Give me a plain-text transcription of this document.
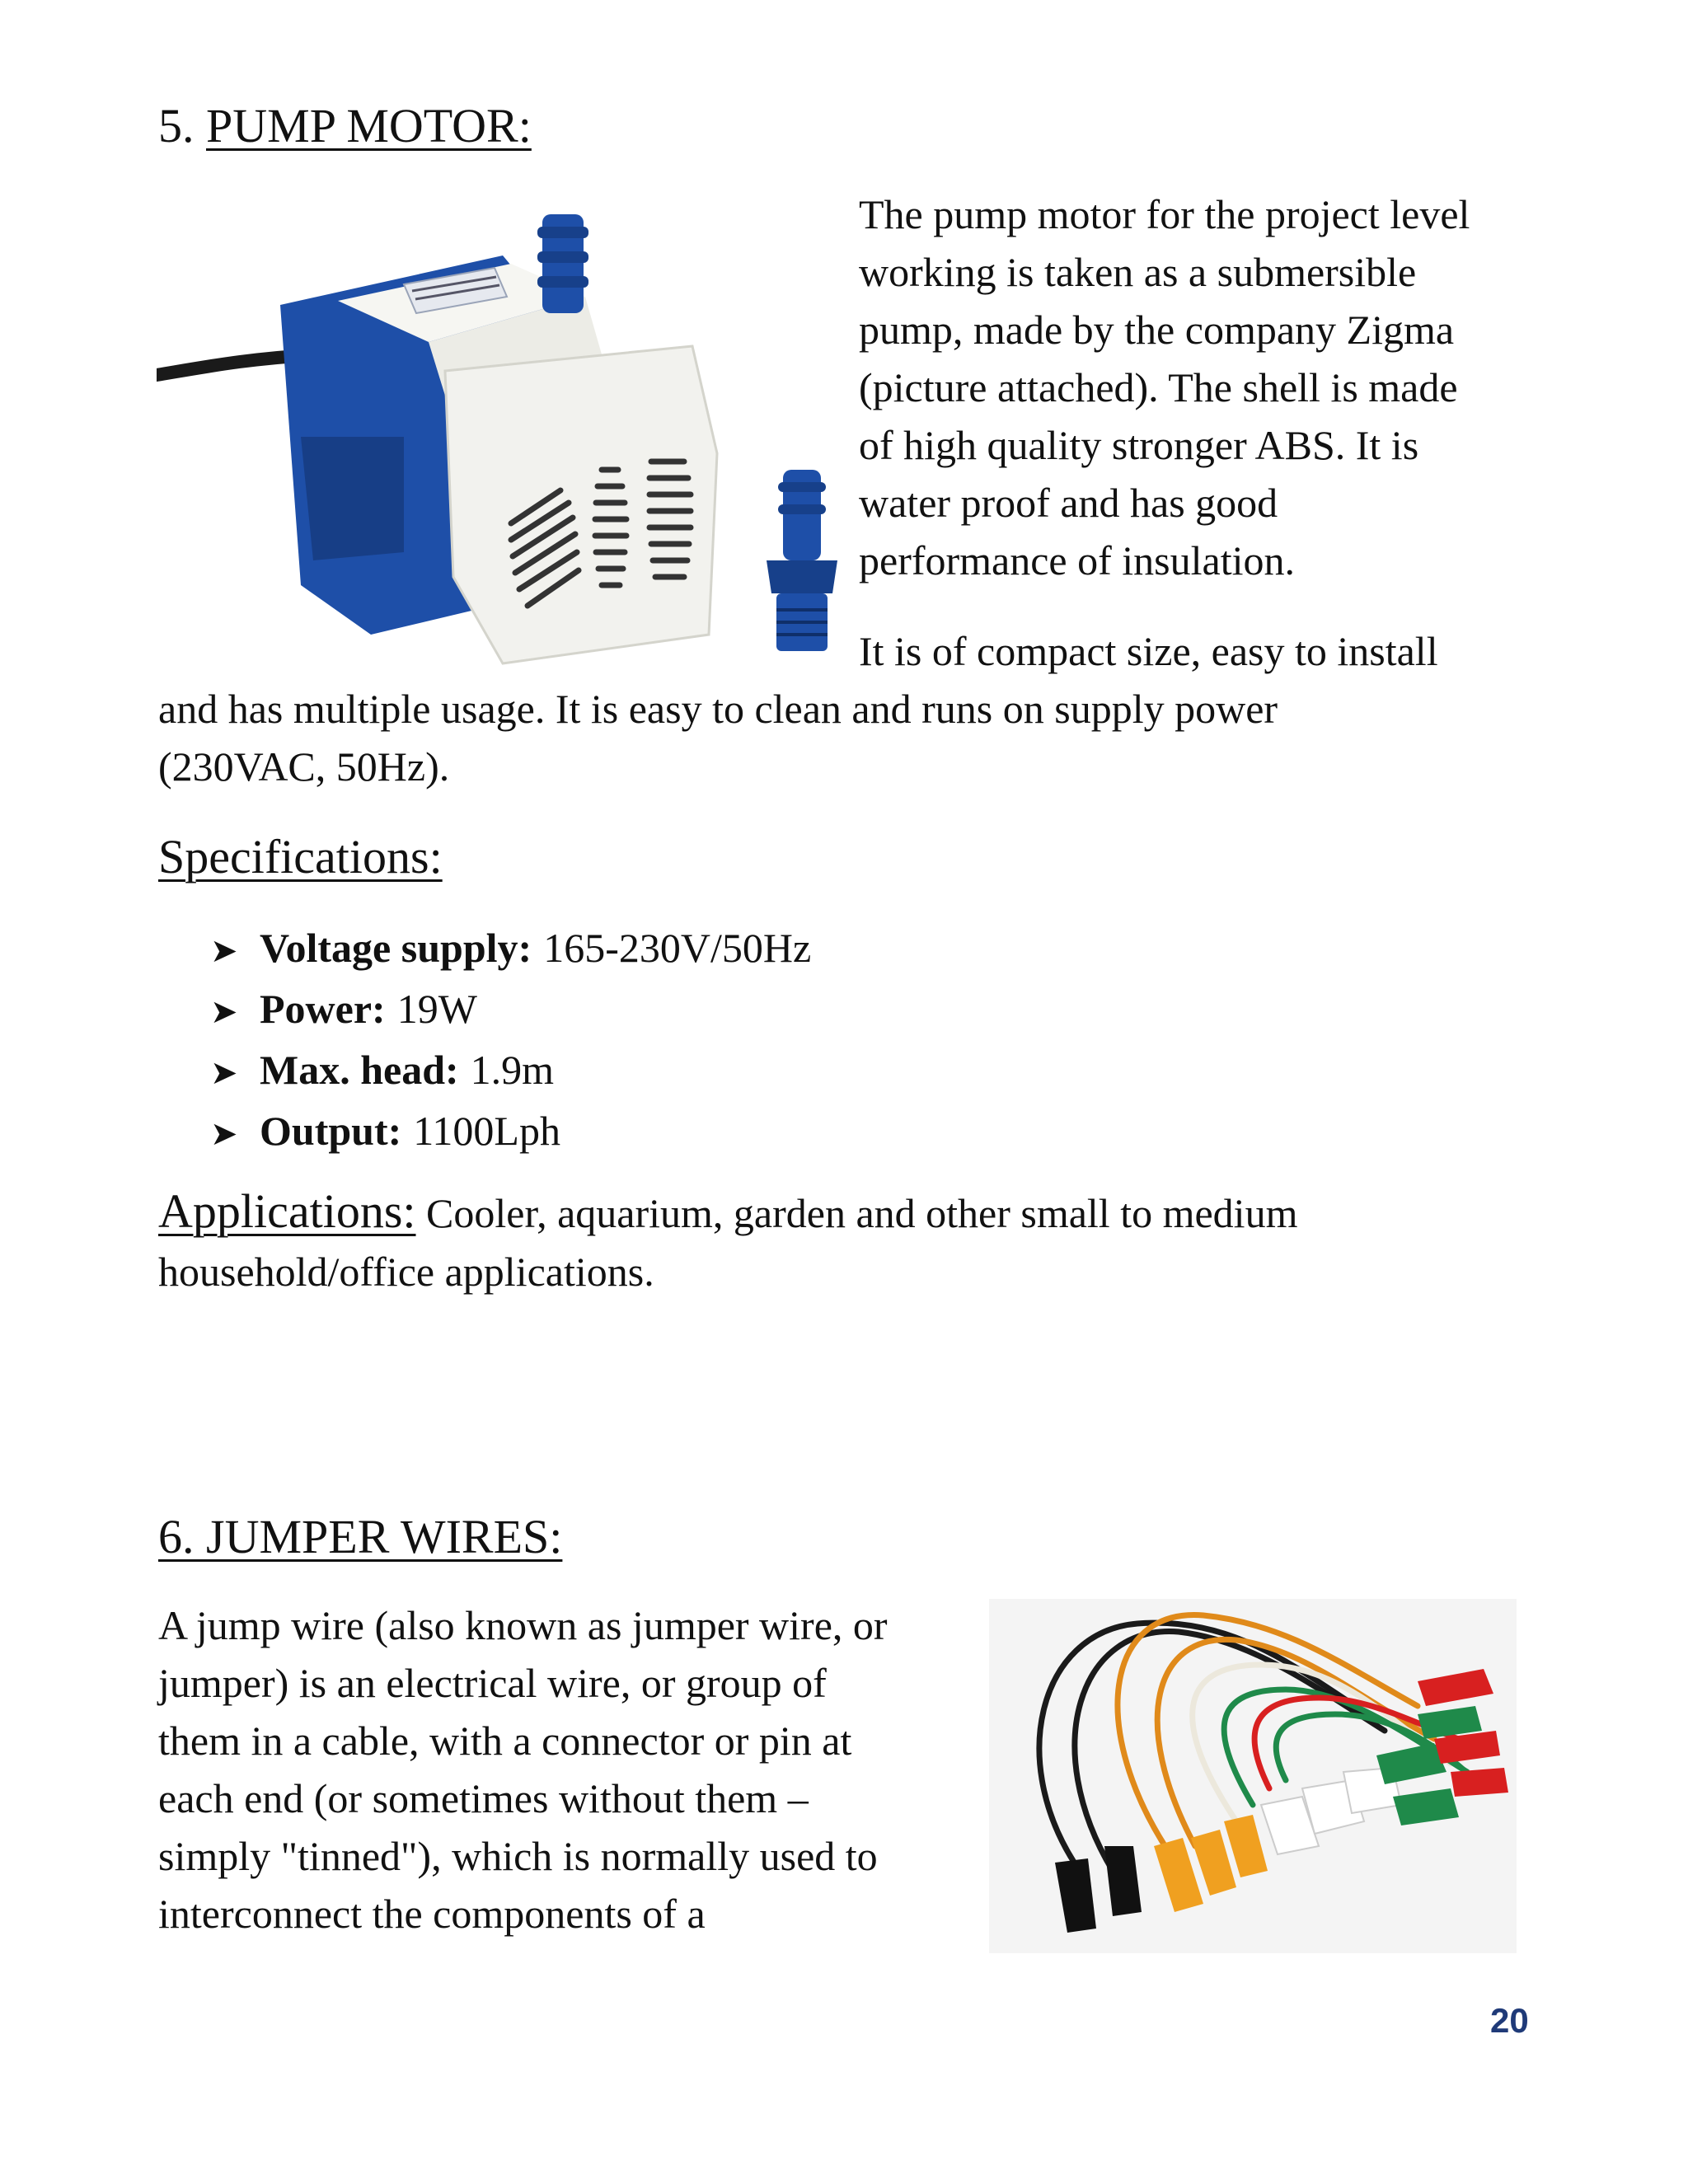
5. PUMP MOTOR:

The pump motor for the project level

working is taken as a submersible

pump, made by the company Zigma

(picture attached). The shell is made

of high quality stronger ABS. It is

water proof and has good

performance of insulation.

It is of compact size, easy to install

and has multiple usage. It is easy to clean and runs on supply power

(230VAC, 50Hz).

Specifications:
➤ Voltage supply: 165-230V/50Hz
➤ Power: 19W
➤ Max. head: 1.9m
➤ Output: 1100Lph

Applications: Cooler, aquarium, garden and other small to medium

household/office applications.

6. JUMPER WIRES:

A jump wire (also known as jumper wire, or

jumper) is an electrical wire, or group of

them in a cable, with a connector or pin at

each end (or sometimes without them –

simply "tinned"), which is normally used to

interconnect the components of a

20
